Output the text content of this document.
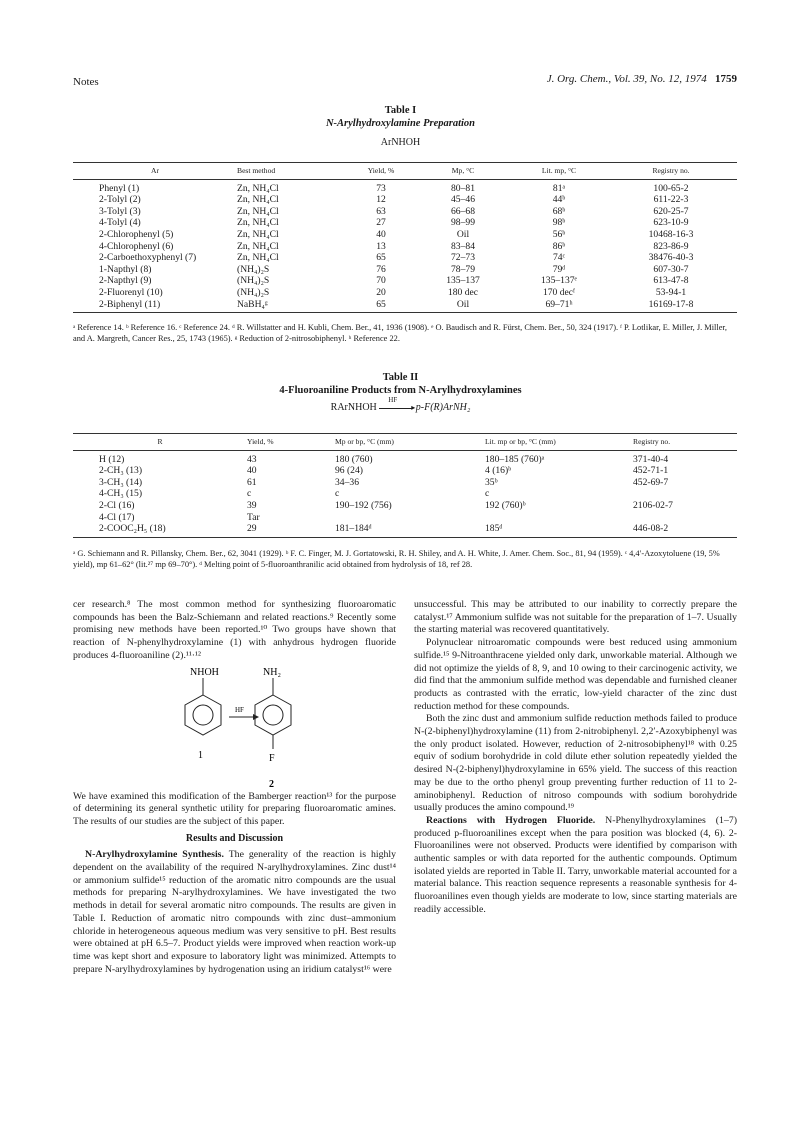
Notes	J. Org. Chem., Vol. 39, No. 12, 1974 1759
Table I
N-Arylhydroxylamine Preparation
ArNHOH
Ar	Best method	Yield, %	Mp, °C	Lit. mp, °C	Registry no.
Phenyl (1)	Zn, NH₄Cl	73	80–81	81ᵃ	100-65-2
2-Tolyl (2)	Zn, NH₄Cl	12	45–46	44ᵇ	611-22-3
3-Tolyl (3)	Zn, NH₄Cl	63	66–68	68ᵇ	620-25-7
4-Tolyl (4)	Zn, NH₄Cl	27	98–99	98ᵇ	623-10-9
2-Chlorophenyl (5)	Zn, NH₄Cl	40	Oil	56ᵇ	10468-16-3
4-Chlorophenyl (6)	Zn, NH₄Cl	13	83–84	86ᵇ	823-86-9
2-Carboethoxyphenyl (7)	Zn, NH₄Cl	65	72–73	74ᶜ	38476-40-3
1-Napthyl (8)	(NH₄)₂S	76	78–79	79ᵈ	607-30-7
2-Napthyl (9)	(NH₄)₂S	70	135–137	135–137ᵉ	613-47-8
2-Fluorenyl (10)	(NH₄)₂S	20	180 dec	170 decᶠ	53-94-1
2-Biphenyl (11)	NaBH₄ᵍ	65	Oil	69–71ʰ	16169-17-8
ᵃ Reference 14. ᵇ Reference 16. ᶜ Reference 24. ᵈ R. Willstatter and H. Kubli, Chem. Ber., 41, 1936 (1908). ᵉ O. Baudisch and R. Fürst, Chem. Ber., 50, 324 (1917). ᶠ P. Lotlikar, E. Miller, J. Miller, and A. Margreth, Cancer Res., 25, 1743 (1965). ᵍ Reduction of 2-nitrosobiphenyl. ʰ Reference 22.
Table II
4-Fluoroaniline Products from N-Arylhydroxylamines
RArNHOH
HF
▸ p-F(R)ArNH₂
R	Yield, %	Mp or bp, °C (mm)	Lit. mp or bp, °C (mm)	Registry no.
H (12)	43	180 (760)	180–185 (760)ᵃ	371-40-4
2-CH₃ (13)	40	96 (24)	4 (16)ᵇ	452-71-1
3-CH₃ (14)	61	34–36	35ᵇ	452-69-7
4-CH₃ (15)	c	c	c	
2-Cl (16)	39	190–192 (756)	192 (760)ᵇ	2106-02-7
4-Cl (17)	Tar			
2-COOC₂H₅ (18)	29	181–184ᵈ	185ᵈ	446-08-2
ᵃ G. Schiemann and R. Pillansky, Chem. Ber., 62, 3041 (1929). ᵇ F. C. Finger, M. J. Gortatowski, R. H. Shiley, and A. H. White, J. Amer. Chem. Soc., 81, 94 (1959). ᶜ 4,4′-Azoxytoluene (19, 5% yield), mp 61–62° (lit.²⁷ mp 69–70°). ᵈ Melting point of 5-fluoroanthranilic acid obtained from hydrolysis of 18, ref 28.

cer research.⁸ The most common method for synthesizing fluoroaromatic compounds has been the Balz-Schiemann and related reactions.⁹ Recently some promising new methods have been reported.¹⁰ Two groups have shown that reaction of N-phenylhydroxylamine (1) with anhydrous hydrogen fluoride produces 4-fluoroaniline (2).¹¹·¹²

NHOH
1
HF
NH₂
F
2

We have examined this modification of the Bamberger reaction¹³ for the purpose of determining its general synthetic utility for preparing fluoroaromatic amines. The results of our studies are the subject of this paper.

Results and Discussion

N-Arylhydroxylamine Synthesis. The generality of the reaction is highly dependent on the availability of the required N-arylhydroxylamines. Zinc dust¹⁴ or ammonium sulfide¹⁵ reduction of the aromatic nitro compounds are the usual methods for preparing N-arylhydroxylamines. We have investigated the two methods in detail for several aromatic nitro compounds. The results are given in Table I. Reduction of aromatic nitro compounds with zinc dust–ammonium chloride in heterogeneous aqueous medium was very sensitive to pH. Best results were obtained at pH 6.5–7. Product yields were improved when reaction work-up time was kept short and exposure to laboratory light was minimized. Attempts to prepare N-arylhydroxylamines by hydrogenation using an iridium catalyst¹⁶ were

unsuccessful. This may be attributed to our inability to correctly prepare the catalyst.¹⁷ Ammonium sulfide was not suitable for the preparation of 1–7. Usually the starting material was recovered quantitatively.

Polynuclear nitroaromatic compounds were best reduced using ammonium sulfide.¹⁵ 9-Nitroanthracene yielded only dark, unworkable material. Although we did not optimize the yields of 8, 9, and 10 owing to their carcinogenic activity, we did find that the ammonium sulfide method was dependable and furnished cleaner products as contrasted with the erratic, low-yield character of the zinc dust reduction method for these compounds.

Both the zinc dust and ammonium sulfide reduction methods failed to produce N-(2-biphenyl)hydroxylamine (11) from 2-nitrobiphenyl. 2,2′-Azoxybiphenyl was the only product isolated. However, reduction of 2-nitrosobiphenyl¹⁸ with 0.25 equiv of sodium borohydride in cold dilute ether solution repeatedly yielded the desired N-(2-biphenyl)hydroxylamine in 65% yield. The success of this reaction may be due to the ortho phenyl group preventing further reduction of 11 to 2-aminobiphenyl. Reduction of nitroso compounds with sodium borohydride usually produces the amino compound.¹⁹

Reactions with Hydrogen Fluoride. N-Phenylhydroxylamines (1–7) produced p-fluoroanilines except when the para position was blocked (4, 6). 2-Fluoroanilines were not observed. Products were identified by comparison with authentic samples or with data reported for the authentic compounds. Optimum isolated yields are reported in Table II. Tarry, unworkable material accounted for a material balance. This reaction sequence represents a reasonable synthesis for 4-fluoroanilines even though yields are moderate to low, since starting materials are readily accessible.
